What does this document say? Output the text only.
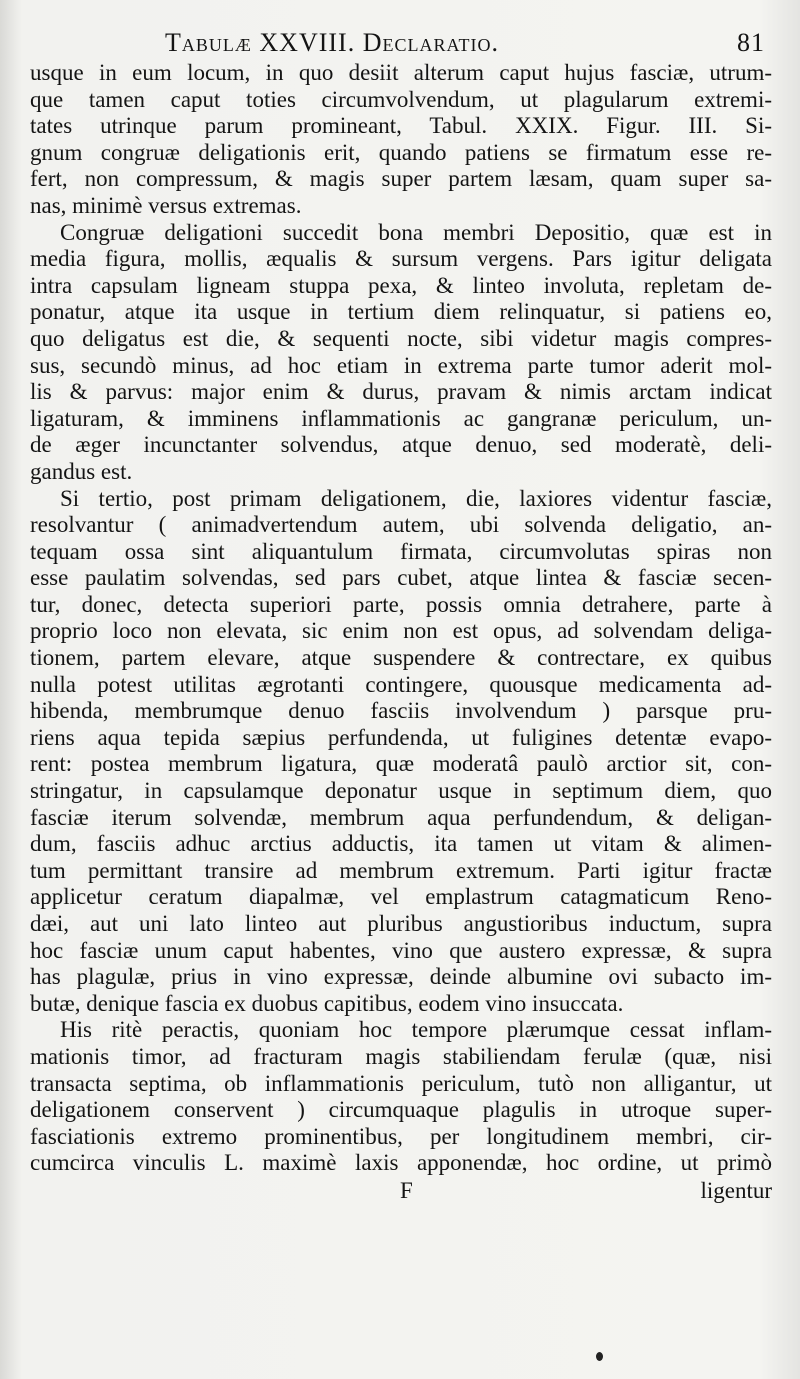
Tabulæ XXVIII. Declaratio.	81
usque in eum locum, in quo desiit alterum caput hujus fasciæ, utrum-
que tamen caput toties circumvolvendum, ut plagularum extremi-
tates utrinque parum promineant, Tabul. XXIX. Figur. III. Si-
gnum congruæ deligationis erit, quando patiens se firmatum esse re-
fert, non compressum, & magis super partem læsam, quam super sa-
nas, minimè versus extremas.
Congruæ deligationi succedit bona membri Depositio, quæ est in
media figura, mollis, æqualis & sursum vergens. Pars igitur deligata
intra capsulam ligneam stuppa pexa, & linteo involuta, repletam de-
ponatur, atque ita usque in tertium diem relinquatur, si patiens eo,
quo deligatus est die, & sequenti nocte, sibi videtur magis compres-
sus, secundò minus, ad hoc etiam in extrema parte tumor aderit mol-
lis & parvus: major enim & durus, pravam & nimis arctam indicat
ligaturam, & imminens inflammationis ac gangranæ periculum, un-
de æger incunctanter solvendus, atque denuo, sed moderatè, deli-
gandus est.
Si tertio, post primam deligationem, die, laxiores videntur fasciæ,
resolvantur ( animadvertendum autem, ubi solvenda deligatio, an-
tequam ossa sint aliquantulum firmata, circumvolutas spiras non
esse paulatim solvendas, sed pars cubet, atque lintea & fasciæ secen-
tur, donec, detecta superiori parte, possis omnia detrahere, parte à
proprio loco non elevata, sic enim non est opus, ad solvendam deliga-
tionem, partem elevare, atque suspendere & contrectare, ex quibus
nulla potest utilitas ægrotanti contingere, quousque medicamenta ad-
hibenda, membrumque denuo fasciis involvendum ) parsque pru-
riens aqua tepida sæpius perfundenda, ut fuligines detentæ evapo-
rent: postea membrum ligatura, quæ moderatâ paulò arctior sit, con-
stringatur, in capsulamque deponatur usque in septimum diem, quo
fasciæ iterum solvendæ, membrum aqua perfundendum, & deligan-
dum, fasciis adhuc arctius adductis, ita tamen ut vitam & alimen-
tum permittant transire ad membrum extremum. Parti igitur fractæ
applicetur ceratum diapalmæ, vel emplastrum catagmaticum Reno-
dæi, aut uni lato linteo aut pluribus angustioribus inductum, supra
hoc fasciæ unum caput habentes, vino que austero expressæ, & supra
has plagulæ, prius in vino expressæ, deinde albumine ovi subacto im-
butæ, denique fascia ex duobus capitibus, eodem vino insuccata.
His ritè peractis, quoniam hoc tempore plærumque cessat inflam-
mationis timor, ad fracturam magis stabiliendam ferulæ (quæ, nisi
transacta septima, ob inflammationis periculum, tutò non alligantur, ut
deligationem conservent ) circumquaque plagulis in utroque super-
fasciationis extremo prominentibus, per longitudinem membri, cir-
cumcirca vinculis L. maximè laxis apponendæ, hoc ordine, ut primò
F	ligentur
